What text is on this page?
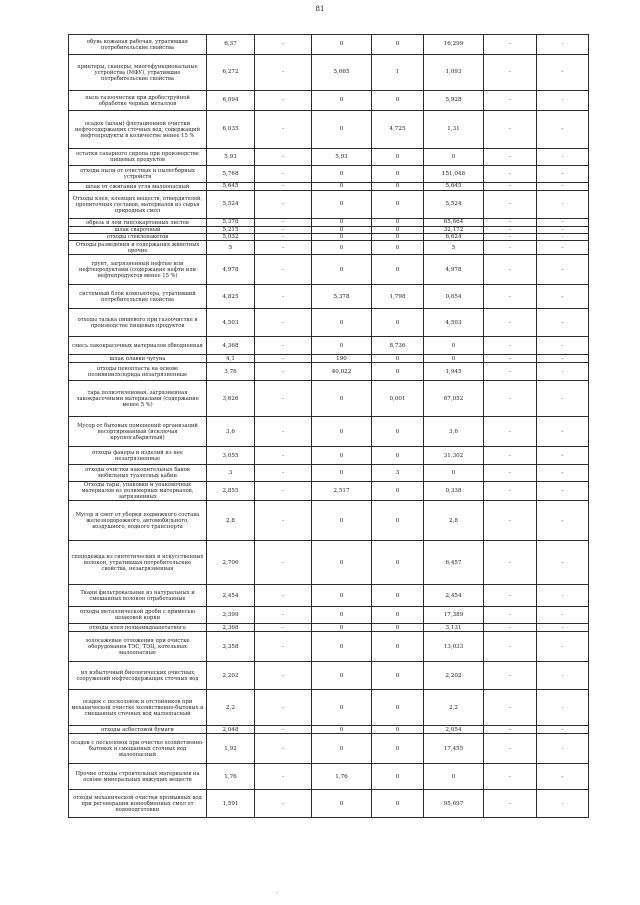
81
обувь кожаная рабочая, утратившая потребительские свойства	6,37	-	0	0	16,299	-	-
принтеры, сканеры, многофункциональные устройства (МФУ), утратившие потребительские свойства	6,272	-	5,665	1	1,093	-	-
пыль газоочистки при дробеструйной обработке черных металлов	6,094	-	0	0	5,928	-	-
осадок (шлам) флотационной очистки нефтесодержащих сточных вод, содержащий нефтепродукты в количестве менее 15 %	6,035	-	0	4,725	1,31	-	-
остатки сахарного сиропа при производстве пищевых продуктов	5,93	-	5,93	0	0	-	-
отходы пыли от очистных и пылесборных устройств	5,768	-	0	0	151,048	-	-
шлак от сжигания угля малоопасный	5,645	-	0	0	5,645	-	-
Отходы клея, клеящих веществ, отвердителей, пропиточных составов, материалов из сырья природных смол	5,524	-	0	0	5,524	-	-
обрезь и лом гипсокартонных листов	5,378	-	0	0	65,664	-	-
шлак сварочный	5,215	-	0	0	32,172	-	-
отходы стеклопакетов	5,032	-	0	0	6,624	-	-
Отходы разведения и содержания животных прочие	5	-	0	0	5	-	-
грунт, загрязненный нефтью или нефтепродуктами (содержание нефти или нефтепродуктов менее 15 %)	4,978	-	0	0	4,978	-	-
системный блок компьютера, утративший потребительские свойства	4,825	-	5,378	1,798	0,654	-	-
отходы талька пищевого при газоочистке в производстве пищевых продуктов	4,503	-	0	0	4,503	-	-
смесь лакокрасочных материалов обводненная	4,368	-	0	8,736	0	-	-
шлак плавки чугуна	4,1	-	190	0	0	-	-
отходы пенопласта на основе поливинилхлорида незагрязненные	3,76	-	40,022	0	1,945	-	-
тара полиэтиленовая, загрязненная лакокрасочными материалами (содержание менее 5 %)	3,626	-	0	0,001	67,052	-	-
Мусор от бытовых помещений организаций несортированный (исключая крупногабаритный)	3,6	-	0	0	3,6	-	-
отходы фанеры и изделий из нее незагрязненные	3,055	-	0	0	31,302	-	-
отходы очистки накопительных баков мобильных туалетных кабин	3	-	0	3	0	-	-
Отходы тары, упаковки и упаковочных материалов из полимерных материалов, загрязненных	2,855	-	2,517	0	0,338	-	-
Мусор и смет от уборки подвижного состава железнодорожного, автомобильного, воздушного, водного транспорта	2,8	-	0	0	2,8	-	-
спецодежда из синтетических и искусственных волокон, утратившая потребительские свойства, незагрязненная	2,706	-	0	0	6,457	-	-
Ткани фильтровальные из натуральных и смешанных волокон отработанные	2,454	-	0	0	2,454	-	-
отходы металлической дроби с примесью шлаковой корки	2,399	-	0	0	17,389	-	-
отходы клея полиамидоацетатного	2,368	-	0	0	3,131	-	-
золосажевые отложения при очистке оборудования ТЭС, ТЭЦ, котельных малоопасные	2,358	-	0	0	13,033	-	-
ил избыточный биологических очистных сооружений нефтесодержащих сточных вод	2,202	-	0	0	2,202	-	-
осадок с песколовок и отстойников при механической очистке хозяйственно-бытовых и смешанных сточных вод малоопасный	2,2	-	0	0	2,2	-	-
отходы асбестовой бумаги	2,048	-	0	0	2,054	-	-
осадок с песколовок при очистке хозяйственно-бытовых и смешанных сточных вод малоопасный	1,92	-	0	0	17,455	-	-
Прочие отходы строительных материалов на основе минеральных вяжущих веществ	1,76	-	1,76	0	0	-	-
отходы механической очистки промывных вод при регенерации ионообменных смол от водоподготовки	1,591	-	0	0	95,697	-	-
·
